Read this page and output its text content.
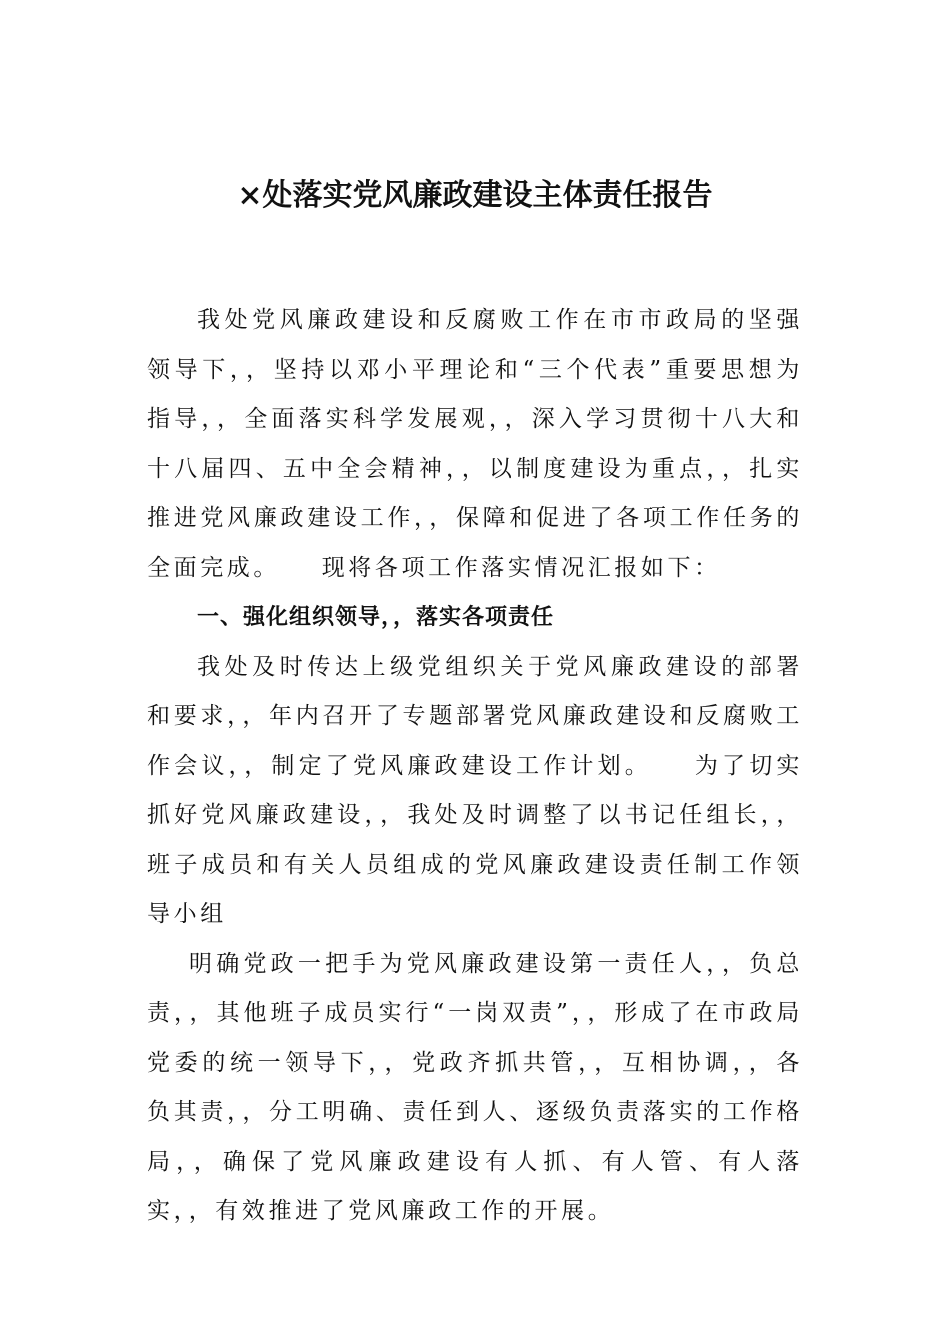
×处落实党风廉政建设主体责任报告

我处党风廉政建设和反腐败工作在市市政局的坚强领导下，，坚持以邓小平理论和“三个代表”重要思想为指导，，全面落实科学发展观，，深入学习贯彻十八大和十八届四、五中全会精神，，以制度建设为重点，，扎实推进党风廉政建设工作，，保障和促进了各项工作任务的全面完成。　　现将各项工作落实情况汇报如下：

一、强化组织领导，，落实各项责任

我处及时传达上级党组织关于党风廉政建设的部署和要求，，年内召开了专题部署党风廉政建设和反腐败工作会议，，制定了党风廉政建设工作计划。　　为了切实抓好党风廉政建设，，我处及时调整了以书记任组长，，班子成员和有关人员组成的党风廉政建设责任制工作领导小组

明确党政一把手为党风廉政建设第一责任人，，负总责，，其他班子成员实行“一岗双责”，，形成了在市政局党委的统一领导下，，党政齐抓共管，，互相协调，，各负其责，，分工明确、责任到人、逐级负责落实的工作格局，，确保了党风廉政建设有人抓、有人管、有人落实，，有效推进了党风廉政工作的开展。
